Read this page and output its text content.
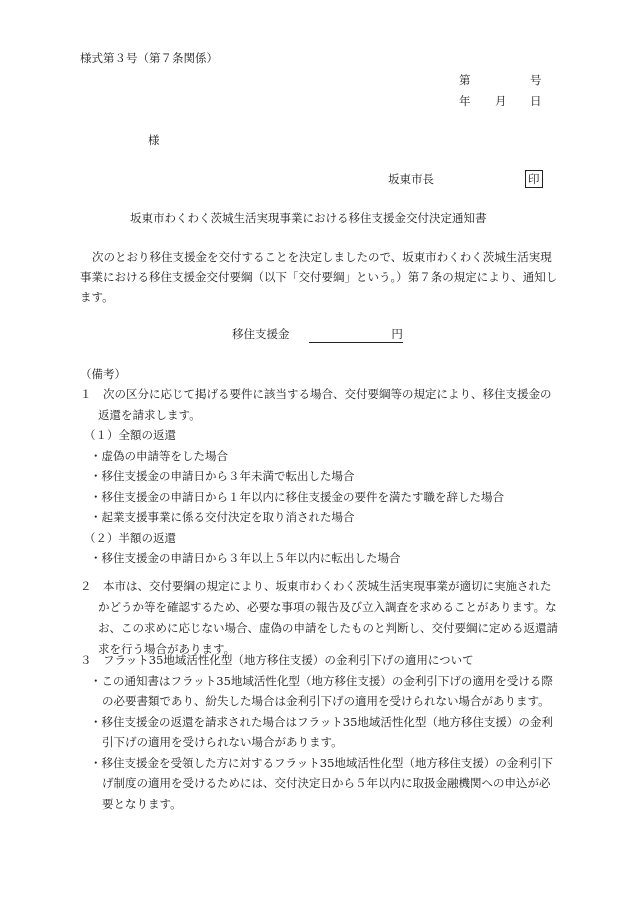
様式第３号（第７条関係）
第	号
年 月 日
様
坂東市長	印
坂東市わくわく茨城生活実現事業における移住支援金交付決定通知書
次のとおり移住支援金を交付することを決定しましたので、坂東市わくわく茨城生活実現事業における移住支援金交付要綱（以下「交付要綱」という。）第７条の規定により、通知します。
移住支援金	円
（備考）
１　次の区分に応じて掲げる要件に該当する場合、交付要綱等の規定により、移住支援金の返還を請求します。
（１）全額の返還
・虚偽の申請等をした場合
・移住支援金の申請日から３年未満で転出した場合
・移住支援金の申請日から１年以内に移住支援金の要件を満たす職を辞した場合
・起業支援事業に係る交付決定を取り消された場合
（２）半額の返還
・移住支援金の申請日から３年以上５年以内に転出した場合
２　本市は、交付要綱の規定により、坂東市わくわく茨城生活実現事業が適切に実施されたかどうか等を確認するため、必要な事項の報告及び立入調査を求めることがあります。なお、この求めに応じない場合、虚偽の申請をしたものと判断し、交付要綱に定める返還請求を行う場合があります。
３　フラット35地域活性化型（地方移住支援）の金利引下げの適用について
・この通知書はフラット35地域活性化型（地方移住支援）の金利引下げの適用を受ける際の必要書類であり、紛失した場合は金利引下げの適用を受けられない場合があります。
・移住支援金の返還を請求された場合はフラット35地域活性化型（地方移住支援）の金利引下げの適用を受けられない場合があります。
・移住支援金を受領した方に対するフラット35地域活性化型（地方移住支援）の金利引下げ制度の適用を受けるためには、交付決定日から５年以内に取扱金融機関への申込が必要となります。
